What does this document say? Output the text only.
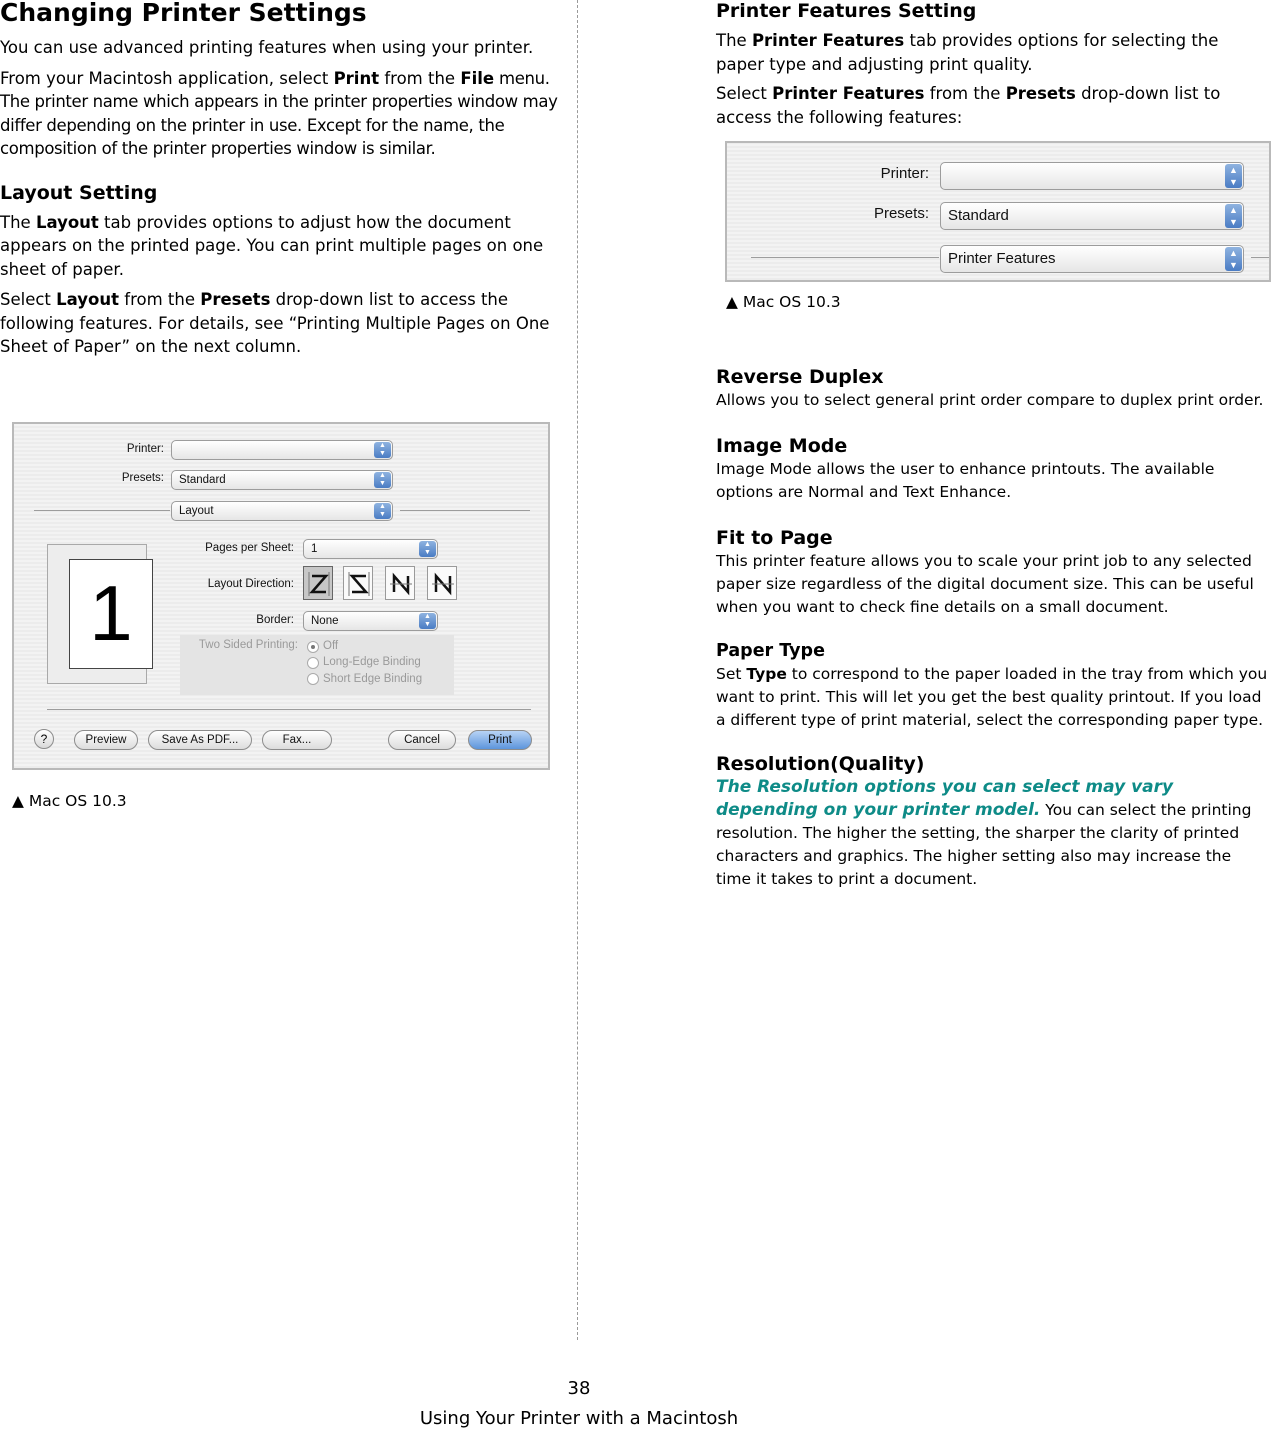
Changing Printer Settings

You can use advanced printing features when using your printer.

From your Macintosh application, select Print from the File menu. The printer name which appears in the printer properties window may differ depending on the printer in use. Except for the name, the composition of the printer properties window is similar.

Layout Setting

The Layout tab provides options to adjust how the document appears on the printed page. You can print multiple pages on one sheet of paper.

Select Layout from the Presets drop-down list to access the following features. For details, see “Printing Multiple Pages on One Sheet of Paper” on the next column.

Printer:	▲
▼
Presets:	Standard	▲
▼
Layout	▲
▼
1
Pages per Sheet:	1	▲
▼
Layout Direction:
Border:	None	▲
▼
Two Sided Printing: Off
Long-Edge Binding
Short Edge Binding
?	Preview	Save As PDF...	Fax...	Cancel	Print
▲ Mac OS 10.3
Printer Features Setting

The Printer Features tab provides options for selecting the paper type and adjusting print quality.

Select Printer Features from the Presets drop-down list to access the following features:

Printer:	▲
▼
Presets:	Standard	▲
▼
Printer Features	▲
▼
▲ Mac OS 10.3
Reverse Duplex

Allows you to select general print order compare to duplex print order.

Image Mode

Image Mode allows the user to enhance printouts. The available options are Normal and Text Enhance.

Fit to Page

This printer feature allows you to scale your print job to any selected paper size regardless of the digital document size. This can be useful when you want to check fine details on a small document.

Paper Type

Set Type to correspond to the paper loaded in the tray from which you want to print. This will let you get the best quality printout. If you load a different type of print material, select the corresponding paper type.

Resolution(Quality)

The Resolution options you can select may vary depending on your printer model. You can select the printing resolution. The higher the setting, the sharper the clarity of printed characters and graphics. The higher setting also may increase the time it takes to print a document.

38
Using Your Printer with a Macintosh
